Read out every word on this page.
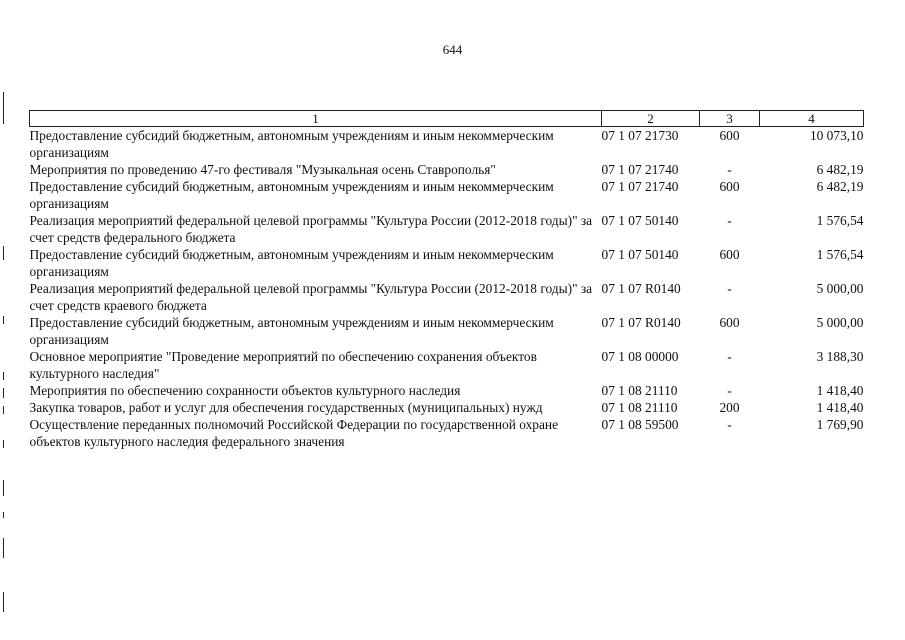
644
1	2	3	4
Предоставление субсидий бюджетным, автономным учреждениям и иным некоммерческим организациям	07 1 07 21730	600	10 073,10
Мероприятия по проведению 47-го фестиваля "Музыкальная осень Ставрополья"	07 1 07 21740	-	6 482,19
Предоставление субсидий бюджетным, автономным учреждениям и иным некоммерческим организациям	07 1 07 21740	600	6 482,19
Реализация мероприятий федеральной целевой программы "Культура России (2012-2018 годы)" за счет средств федерального бюджета	07 1 07 50140	-	1 576,54
Предоставление субсидий бюджетным, автономным учреждениям и иным некоммерческим организациям	07 1 07 50140	600	1 576,54
Реализация мероприятий федеральной целевой программы "Культура России (2012-2018 годы)" за счет средств краевого бюджета	07 1 07 R0140	-	5 000,00
Предоставление субсидий бюджетным, автономным учреждениям и иным некоммерческим организациям	07 1 07 R0140	600	5 000,00
Основное мероприятие "Проведение мероприятий по обеспечению сохранения объектов культурного наследия"	07 1 08 00000	-	3 188,30
Мероприятия по обеспечению сохранности объектов культурного наследия	07 1 08 21110	-	1 418,40
Закупка товаров, работ и услуг для обеспечения государственных (муниципальных) нужд	07 1 08 21110	200	1 418,40
Осуществление переданных полномочий Российской Федерации по государственной охране объектов культурного наследия федерального значения	07 1 08 59500	-	1 769,90
